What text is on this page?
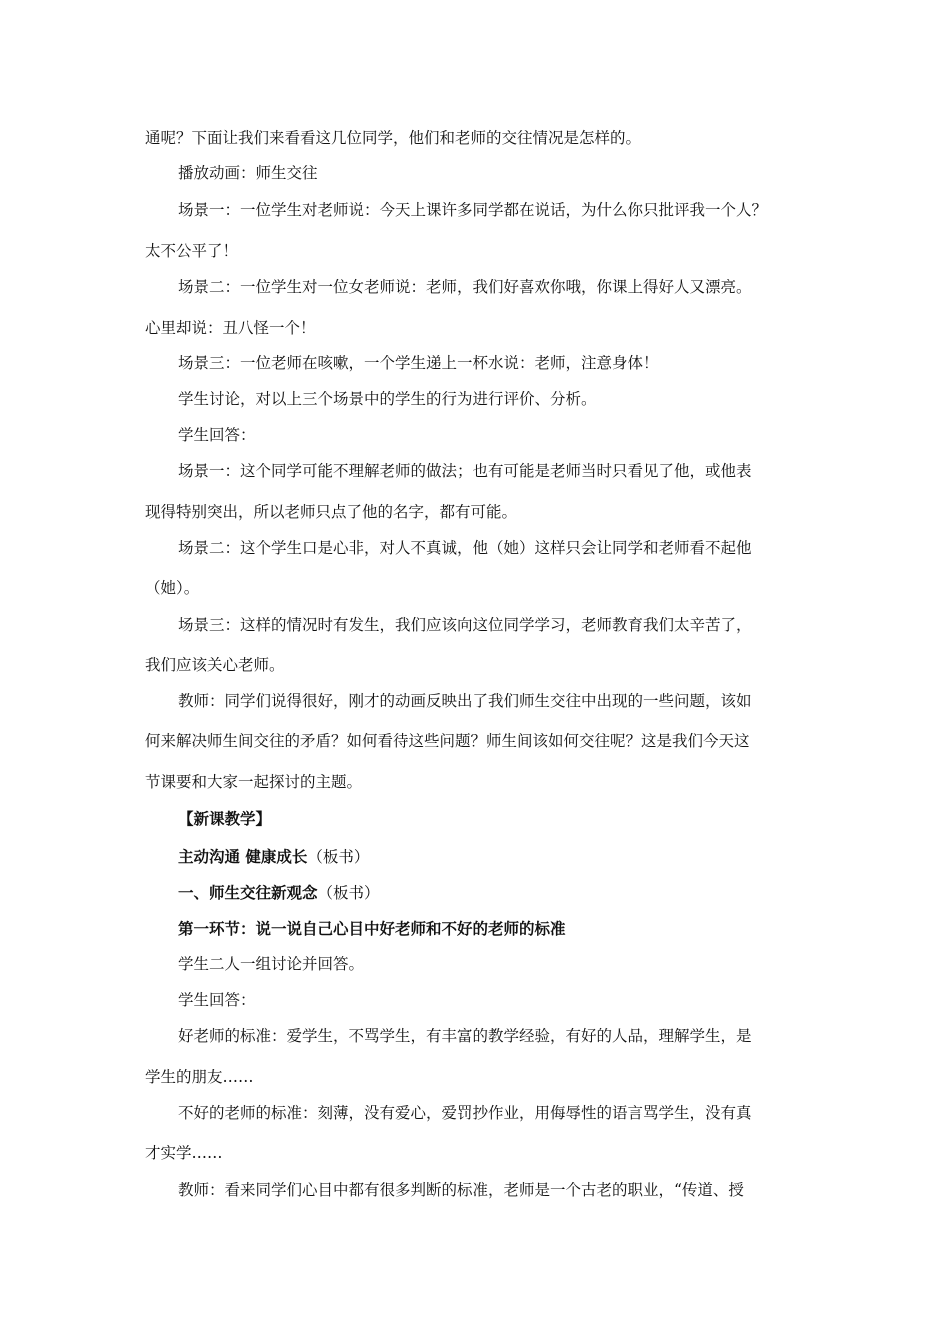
通呢？下面让我们来看看这几位同学，他们和老师的交往情况是怎样的。
播放动画：师生交往
场景一：一位学生对老师说：今天上课许多同学都在说话，为什么你只批评我一个人？
太不公平了！
场景二：一位学生对一位女老师说：老师，我们好喜欢你哦，你课上得好人又漂亮。
心里却说：丑八怪一个！
场景三：一位老师在咳嗽，一个学生递上一杯水说：老师，注意身体！
学生讨论，对以上三个场景中的学生的行为进行评价、分析。
学生回答：
场景一：这个同学可能不理解老师的做法；也有可能是老师当时只看见了他，或他表
现得特别突出，所以老师只点了他的名字，都有可能。
场景二：这个学生口是心非，对人不真诚，他（她）这样只会让同学和老师看不起他
（她）。
场景三：这样的情况时有发生，我们应该向这位同学学习，老师教育我们太辛苦了，
我们应该关心老师。
教师：同学们说得很好，刚才的动画反映出了我们师生交往中出现的一些问题，该如
何来解决师生间交往的矛盾？如何看待这些问题？师生间该如何交往呢？这是我们今天这
节课要和大家一起探讨的主题。
【新课教学】
主动沟通 健康成长（板书）
一、师生交往新观念（板书）
第一环节：说一说自己心目中好老师和不好的老师的标准
学生二人一组讨论并回答。
学生回答：
好老师的标准：爱学生，不骂学生，有丰富的教学经验，有好的人品，理解学生，是
学生的朋友……
不好的老师的标准：刻薄，没有爱心，爱罚抄作业，用侮辱性的语言骂学生，没有真
才实学……
教师：看来同学们心目中都有很多判断的标准，老师是一个古老的职业，“传道、授
